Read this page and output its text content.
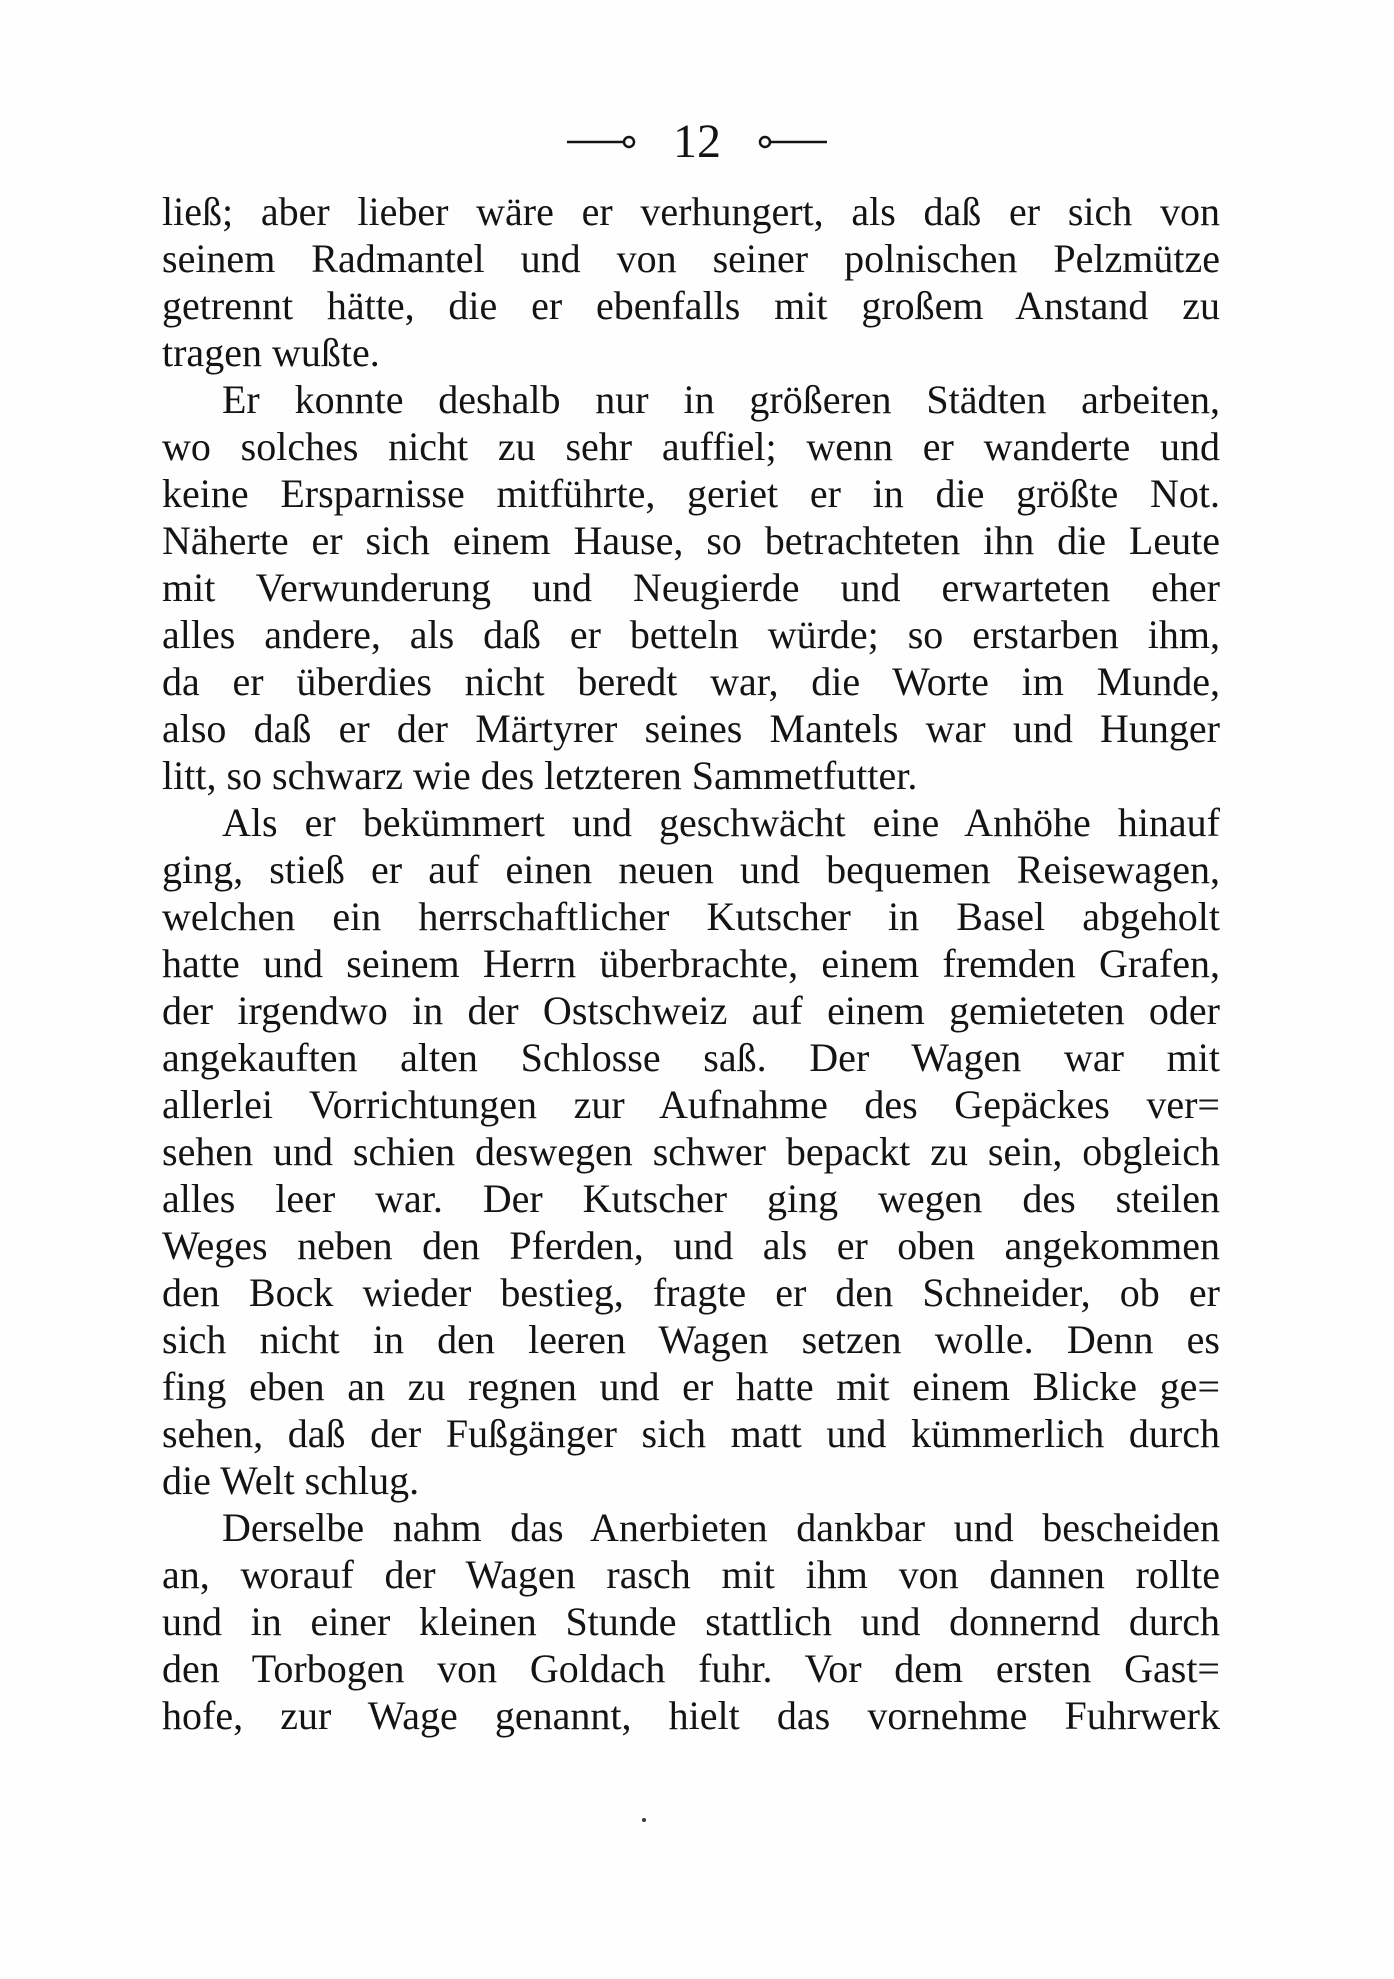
12
ließ; aber lieber wäre er verhungert, als daß er sich von
seinem Radmantel und von seiner polnischen Pelzmütze
getrennt hätte, die er ebenfalls mit großem Anstand zu
tragen wußte.
Er konnte deshalb nur in größeren Städten arbeiten,
wo solches nicht zu sehr auffiel; wenn er wanderte und
keine Ersparnisse mitführte, geriet er in die größte Not.
Näherte er sich einem Hause, so betrachteten ihn die Leute
mit Verwunderung und Neugierde und erwarteten eher
alles andere, als daß er betteln würde; so erstarben ihm,
da er überdies nicht beredt war, die Worte im Munde,
also daß er der Märtyrer seines Mantels war und Hunger
litt, so schwarz wie des letzteren Sammetfutter.
Als er bekümmert und geschwächt eine Anhöhe hinauf
ging, stieß er auf einen neuen und bequemen Reisewagen,
welchen ein herrschaftlicher Kutscher in Basel abgeholt
hatte und seinem Herrn überbrachte, einem fremden Grafen,
der irgendwo in der Ostschweiz auf einem gemieteten oder
angekauften alten Schlosse saß. Der Wagen war mit
allerlei Vorrichtungen zur Aufnahme des Gepäckes ver=
sehen und schien deswegen schwer bepackt zu sein, obgleich
alles leer war. Der Kutscher ging wegen des steilen
Weges neben den Pferden, und als er oben angekommen
den Bock wieder bestieg, fragte er den Schneider, ob er
sich nicht in den leeren Wagen setzen wolle. Denn es
fing eben an zu regnen und er hatte mit einem Blicke ge=
sehen, daß der Fußgänger sich matt und kümmerlich durch
die Welt schlug.
Derselbe nahm das Anerbieten dankbar und bescheiden
an, worauf der Wagen rasch mit ihm von dannen rollte
und in einer kleinen Stunde stattlich und donnernd durch
den Torbogen von Goldach fuhr. Vor dem ersten Gast=
hofe, zur Wage genannt, hielt das vornehme Fuhrwerk
